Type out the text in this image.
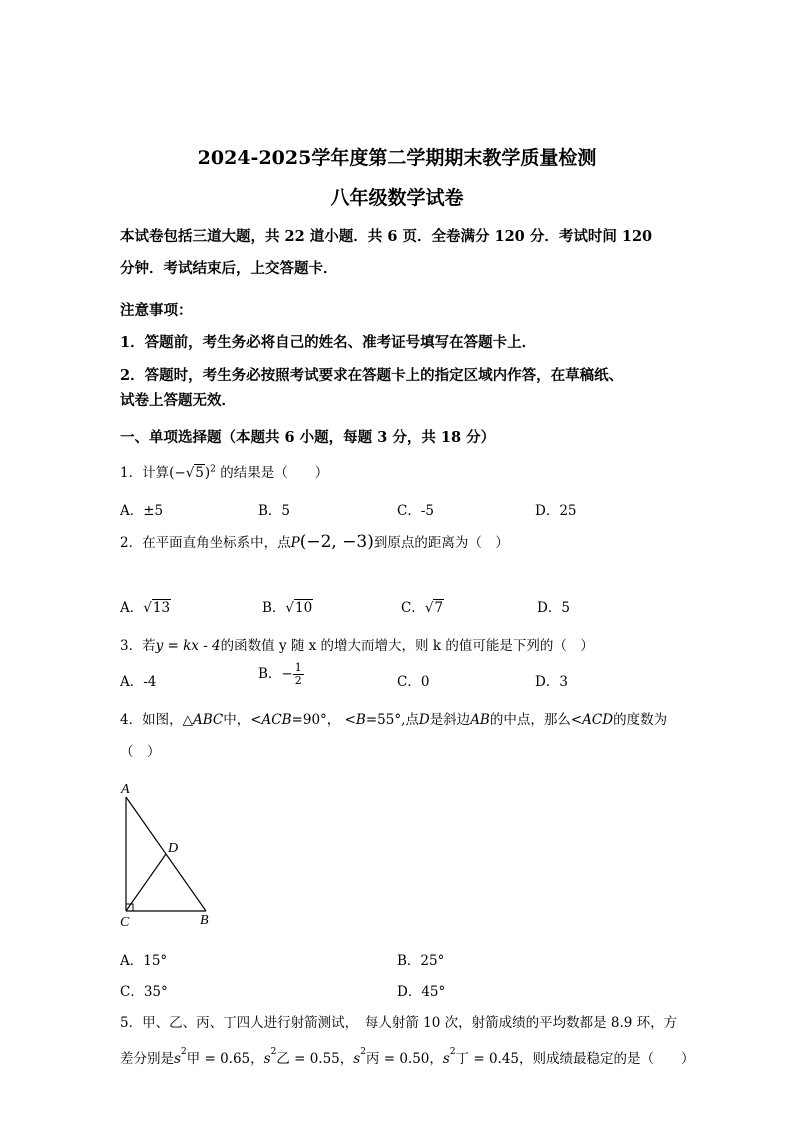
2024-2025学年度第二学期期末教学质量检测
八年级数学试卷
本试卷包括三道大题，共 22 道小题．共 6 页．全卷满分 120 分．考试时间 120
分钟．考试结束后，上交答题卡．
注意事项：
1．答题前，考生务必将自己的姓名、准考证号填写在答题卡上．
2．答题时，考生务必按照考试要求在答题卡上的指定区域内作答，在草稿纸、
试卷上答题无效．
一、单项选择题（本题共 6 小题，每题 3 分，共 18 分）
1．计算$(-√5)^2$ 的结果是（　　）
A．±5	B．5	C．-5	D．25
2．在平面直角坐标系中，点P(−2, −3)到原点的距离为（　）
A．√13	B．√10	C．√7	D．5
3．若y = kx - 4的函数值 y 随 x 的增大而增大，则 k 的值可能是下列的（　）
A．-4	B．− $\frac{1}{2}$	C．0	D．3
4．如图，△ABC中，<ACB=90°， <B=55°,点D是斜边AB的中点，那么<ACD的度数为
（　）
A
D
C	B
A．15°	B．25°
C．35°	D．45°
5．甲、乙、丙、丁四人进行射箭测试，　每人射箭 10 次，射箭成绩的平均数都是 8.9 环，方
差分别是$s^2$甲 = 0.65，$s^2$乙 = 0.55，$s^2$丙 = 0.50，$s^2$丁 = 0.45，则成绩最稳定的是（　　）
